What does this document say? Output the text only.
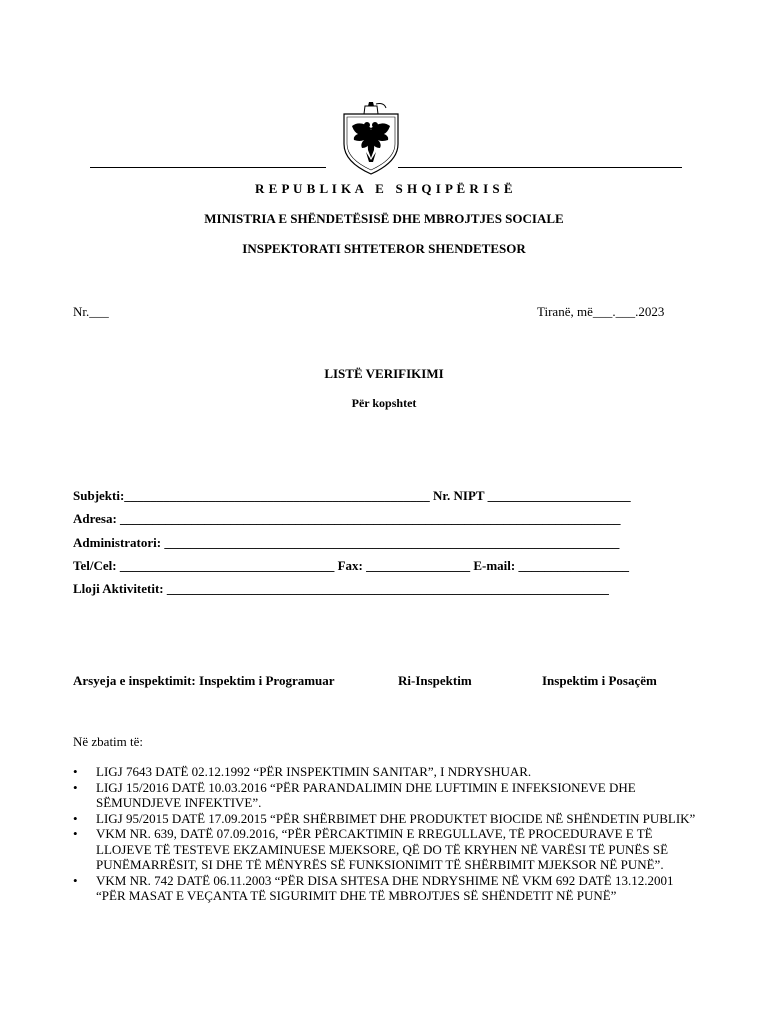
R E P U B L I K A   E   S H Q I P Ë R I S Ë
MINISTRIA E SHËNDETËSISË DHE MBROJTJES SOCIALE
INSPEKTORATI SHTETEROR SHENDETESOR
Nr.___	Tiranë, më___.___.2023
LISTË VERIFIKIMI
Për kopshtet
Subjekti:_______________________________________________ Nr. NIPT ______________________
Adresa: _____________________________________________________________________________
Administratori: ______________________________________________________________________
Tel/Cel: _________________________________ Fax: ________________ E-mail: _________________
Lloji Aktivitetit: ____________________________________________________________________
Arsyeja e inspektimit: Inspektim i Programuar	Ri-Inspektim	Inspektim i Posaçëm
Në zbatim të:
• LIGJ 7643 DATË 02.12.1992 “PËR INSPEKTIMIN SANITAR”, I NDRYSHUAR.
• LIGJ 15/2016 DATË 10.03.2016 “PËR PARANDALIMIN DHE LUFTIMIN E INFEKSIONEVE DHE SËMUNDJEVE INFEKTIVE”.
• LIGJ 95/2015 DATË 17.09.2015 “PËR SHËRBIMET DHE PRODUKTET BIOCIDE NË SHËNDETIN PUBLIK”
• VKM NR. 639, DATË 07.09.2016, “PËR PËRCAKTIMIN E RREGULLAVE, TË PROCEDURAVE E TË LLOJEVE TË TESTEVE EKZAMINUESE MJEKSORE, QË DO TË KRYHEN NË VARËSI TË PUNËS SË PUNËMARRËSIT, SI DHE TË MËNYRËS SË FUNKSIONIMIT TË SHËRBIMIT MJEKSOR NË PUNË”.
• VKM NR. 742 DATË 06.11.2003 “PËR DISA SHTESA DHE NDRYSHIME NË VKM 692 DATË 13.12.2001 “PËR MASAT E VEÇANTA TË SIGURIMIT DHE TË MBROJTJES SË SHËNDETIT NË PUNË”
